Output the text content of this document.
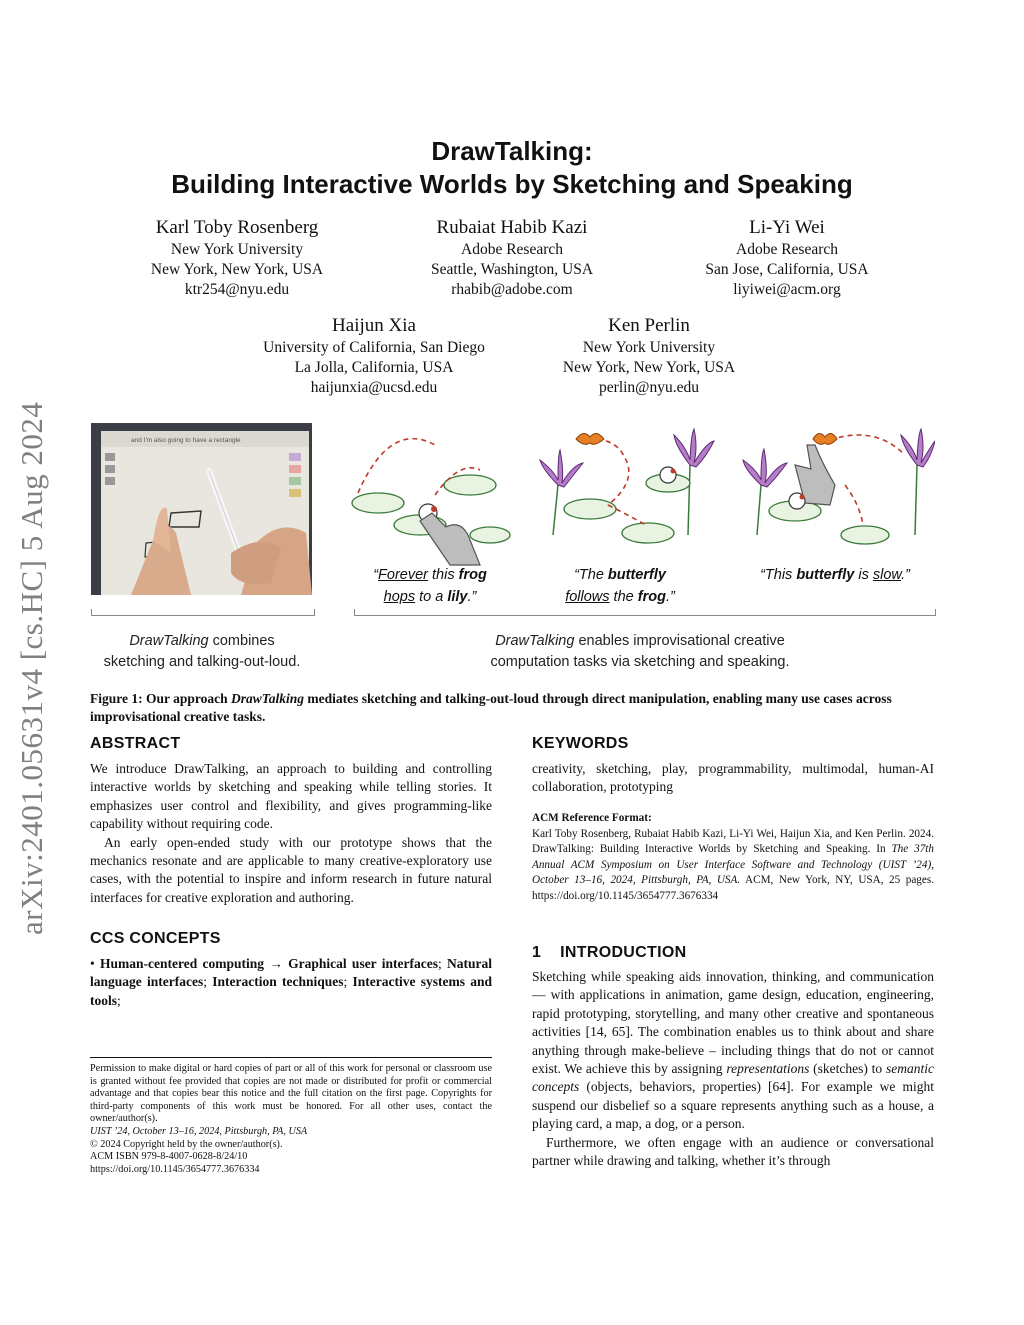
arXiv:2401.05631v4 [cs.HC] 5 Aug 2024
DrawTalking:
Building Interactive Worlds by Sketching and Speaking
Karl Toby Rosenberg
New York University
New York, New York, USA
ktr254@nyu.edu
Rubaiat Habib Kazi
Adobe Research
Seattle, Washington, USA
rhabib@adobe.com
Li-Yi Wei
Adobe Research
San Jose, California, USA
liyiwei@acm.org
Haijun Xia
University of California, San Diego
La Jolla, California, USA
haijunxia@ucsd.edu
Ken Perlin
New York University
New York, New York, USA
perlin@nyu.edu
and I'm also going to have a rectangle
“Forever this frog
hops to a lily.”
“The butterfly
follows the frog.”
“This butterfly is slow.”
DrawTalking combines
sketching and talking-out-loud.
DrawTalking enables improvisational creative
computation tasks via sketching and speaking.
Figure 1: Our approach DrawTalking mediates sketching and talking-out-loud through direct manipulation, enabling many use cases across improvisational creative tasks.
ABSTRACT

We introduce DrawTalking, an approach to building and controlling interactive worlds by sketching and speaking while telling stories. It emphasizes user control and flexibility, and gives programming-like capability without requiring code.

An early open-ended study with our prototype shows that the mechanics resonate and are applicable to many creative-exploratory use cases, with the potential to inspire and inform research in future natural interfaces for creative exploration and authoring.

CCS CONCEPTS

• Human-centered computing → Graphical user interfaces; Natural language interfaces; Interaction techniques; Interactive systems and tools;

Permission to make digital or hard copies of part or all of this work for personal or classroom use is granted without fee provided that copies are not made or distributed for profit or commercial advantage and that copies bear this notice and the full citation on the first page. Copyrights for third-party components of this work must be honored. For all other uses, contact the owner/author(s).

UIST ’24, October 13–16, 2024, Pittsburgh, PA, USA

© 2024 Copyright held by the owner/author(s).

ACM ISBN 979-8-4007-0628-8/24/10

https://doi.org/10.1145/3654777.3676334

KEYWORDS

creativity, sketching, play, programmability, multimodal, human-AI collaboration, prototyping

ACM Reference Format:

Karl Toby Rosenberg, Rubaiat Habib Kazi, Li-Yi Wei, Haijun Xia, and Ken Perlin. 2024. DrawTalking: Building Interactive Worlds by Sketching and Speaking. In The 37th Annual ACM Symposium on User Interface Software and Technology (UIST ’24), October 13–16, 2024, Pittsburgh, PA, USA. ACM, New York, NY, USA, 25 pages. https://doi.org/10.1145/3654777.3676334

1    INTRODUCTION

Sketching while speaking aids innovation, thinking, and communication — with applications in animation, game design, education, engineering, rapid prototyping, storytelling, and many other creative and spontaneous activities [14, 65]. The combination enables us to think about and share anything through make-believe – including things that do not or cannot exist. We achieve this by assigning representations (sketches) to semantic concepts (objects, behaviors, properties) [64]. For example we might suspend our disbelief so a square represents anything such as a house, a playing card, a map, a dog, or a person.

Furthermore, we often engage with an audience or conversational partner while drawing and talking, whether it’s through
